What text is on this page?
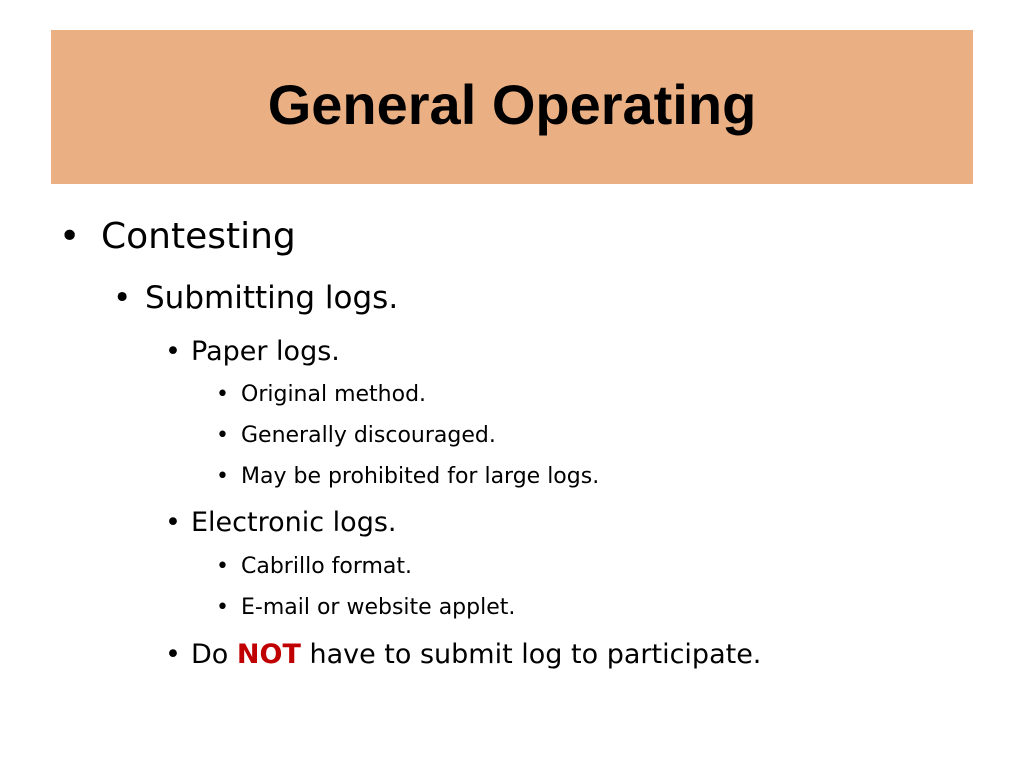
General Operating
• Contesting
• Submitting logs.
• Paper logs.
• Original method.
• Generally discouraged.
• May be prohibited for large logs.
• Electronic logs.
• Cabrillo format.
• E-mail or website applet.
• Do
NOT
have to submit log to participate.
